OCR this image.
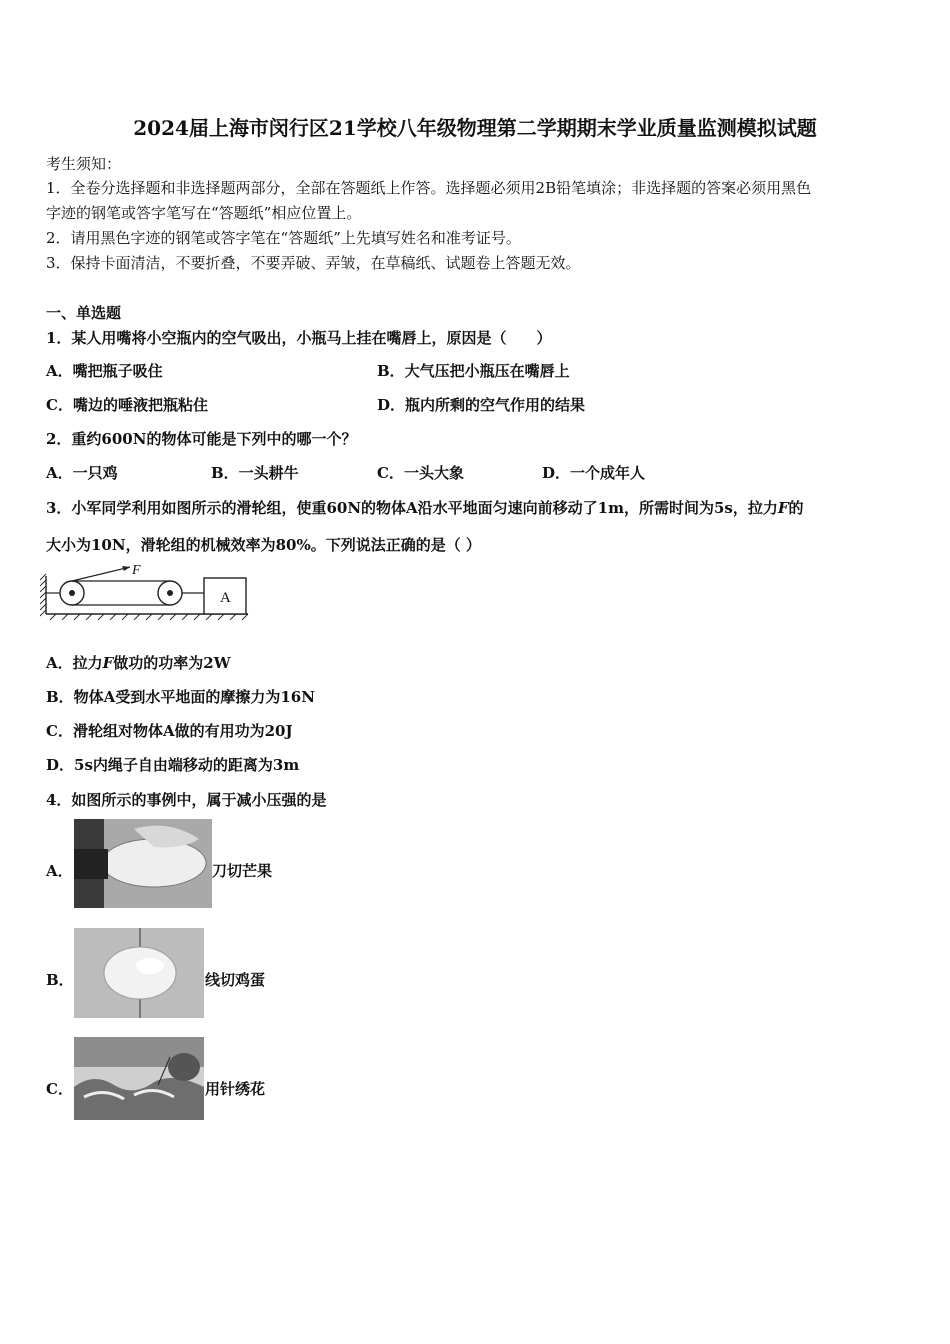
2024届上海市闵行区21学校八年级物理第二学期期末学业质量监测模拟试题
考生须知：
1．全卷分选择题和非选择题两部分，全部在答题纸上作答。选择题必须用2B铅笔填涂；非选择题的答案必须用黑色
字迹的钢笔或答字笔写在“答题纸”相应位置上。
2．请用黑色字迹的钢笔或答字笔在“答题纸”上先填写姓名和准考证号。
3．保持卡面清洁，不要折叠，不要弄破、弄皱，在草稿纸、试题卷上答题无效。
一、单选题
1．某人用嘴将小空瓶内的空气吸出，小瓶马上挂在嘴唇上，原因是（　　）
A．嘴把瓶子吸住	B．大气压把小瓶压在嘴唇上
C．嘴边的唾液把瓶粘住	D．瓶内所剩的空气作用的结果
2．重约600N的物体可能是下列中的哪一个？
A．一只鸡	B．一头耕牛	C．一头大象	D．一个成年人
3．小军同学利用如图所示的滑轮组，使重60N的物体A沿水平地面匀速向前移动了1m，所需时间为5s，拉力F的
大小为10N，滑轮组的机械效率为80%。下列说法正确的是（ ）
F
A
A．拉力F做功的功率为2W
B．物体A受到水平地面的摩擦力为16N
C．滑轮组对物体A做的有用功为20J
D．5s内绳子自由端移动的距离为3m
4．如图所示的事例中，属于减小压强的是
A．	刀切芒果
B．	线切鸡蛋
C．	用针绣花
